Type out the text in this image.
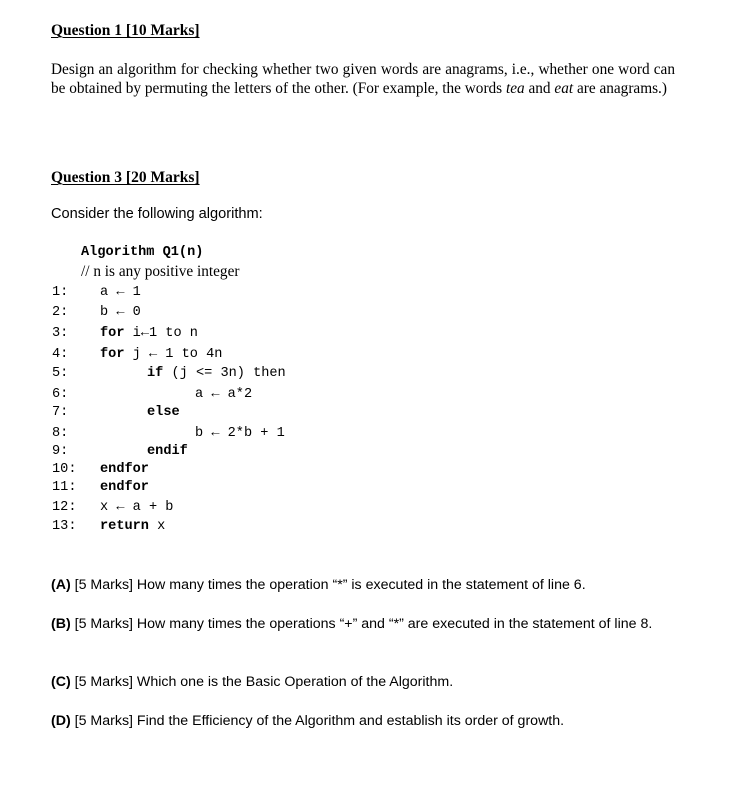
Question 1 [10 Marks]
Design an algorithm for checking whether two given words are anagrams, i.e., whether one word can be obtained by permuting the letters of the other. (For example, the words tea and eat are anagrams.)
Question 3 [20 Marks]
Consider the following algorithm:
Algorithm Q1(n)
// n is any positive integer
1:
2:
3:
4:
5:
6:
7:
8:
9:
10:
11:
12:
13:
a ← 1
b ← 0
for i←1 to n
for j ← 1 to 4n
if (j <= 3n) then
a ← a*2
else
b ← 2*b + 1
endif
endfor
endfor
x ← a + b
return x
(A) [5 Marks] How many times the operation “*” is executed in the statement of line 6.
(B) [5 Marks] How many times the operations “+” and “*” are executed in the statement of line 8.
(C) [5 Marks] Which one is the Basic Operation of the Algorithm.
(D) [5 Marks] Find the Efficiency of the Algorithm and establish its order of growth.
